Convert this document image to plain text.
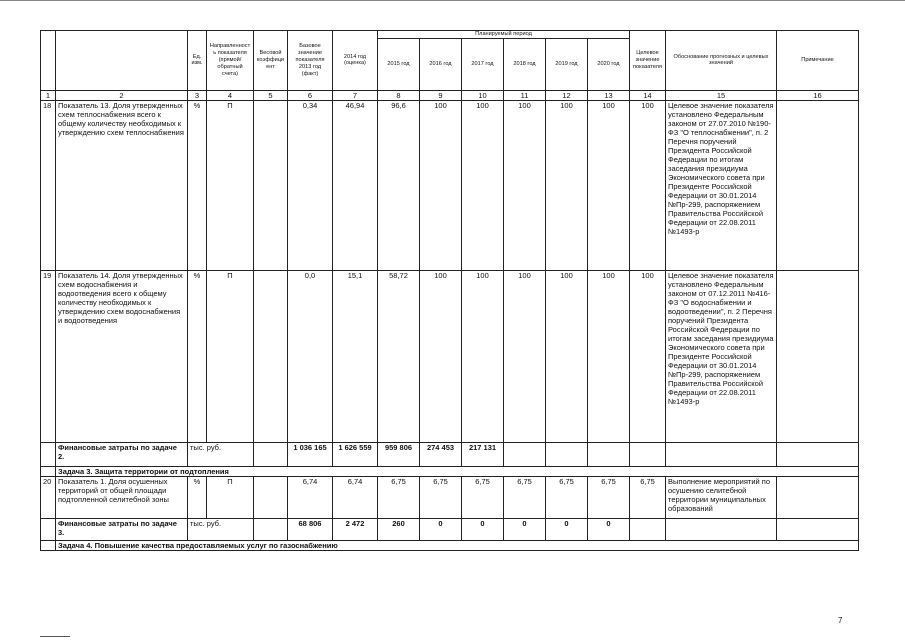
		Ед. изм.	Направленность показателя (прямой/обратный счета)	Весовой коэффициент	Базовое значение показателя 2013 год (факт)	2014 год (оценка)	Планируемый период						Целевое значение показателя	Обоснование прогнозных и целевых значений	Примечание
							2015 год	2016 год	2017 год	2018 год	2019 год	2020 год			
1	2	3	4	5	6	7	8	9	10	11	12	13	14	15	16
18	Показатель 13. Доля утвержденных схем теплоснабжения всего к общему количеству необходимых к утверждению схем теплоснабжения	%	П		0,34	46,94	96,6	100	100	100	100	100	100	Целевое значение показателя установлено Федеральным законом от 27.07.2010 №190-ФЗ "О теплоснабжении", п. 2 Перечня поручений Президента Российской Федерации по итогам заседания президиума Экономического совета при Президенте Российской Федерации от 30.01.2014 №Пр-299, распоряжением Правительства Российской Федерации от 22.08.2011 №1493-р	
19	Показатель 14. Доля утвержденных схем водоснабжения и водоотведения всего к общему количеству необходимых к утверждению схем водоснабжения и водоотведения	%	П		0,0	15,1	58,72	100	100	100	100	100	100	Целевое значение показателя установлено Федеральным законом от 07.12.2011 №416-ФЗ "О водоснабжении и водоотведении", п. 2 Перечня поручений Президента Российской Федерации по итогам заседания президиума Экономического совета при Президенте Российской Федерации от 30.01.2014 №Пр-299, распоряжением Правительства Российской Федерации от 22.08.2011 №1493-р	
	Финансовые затраты по задаче 2.	тыс. руб.			1 036 165	1 626 559	959 806	274 453	217 131						
	Задача 3. Защита территории от подтопления														
20	Показатель 1. Доля осушенных территорий от общей площади подтопленной селитебной зоны	%	П		6,74	6,74	6,75	6,75	6,75	6,75	6,75	6,75	6,75	Выполнение мероприятий по осушению селитебной территории муниципальных образований	
	Финансовые затраты по задаче 3.	тыс. руб.			68 806	2 472	260	0	0	0	0	0			
	Задача 4. Повышение качества предоставляемых услуг по газоснабжению														
7
